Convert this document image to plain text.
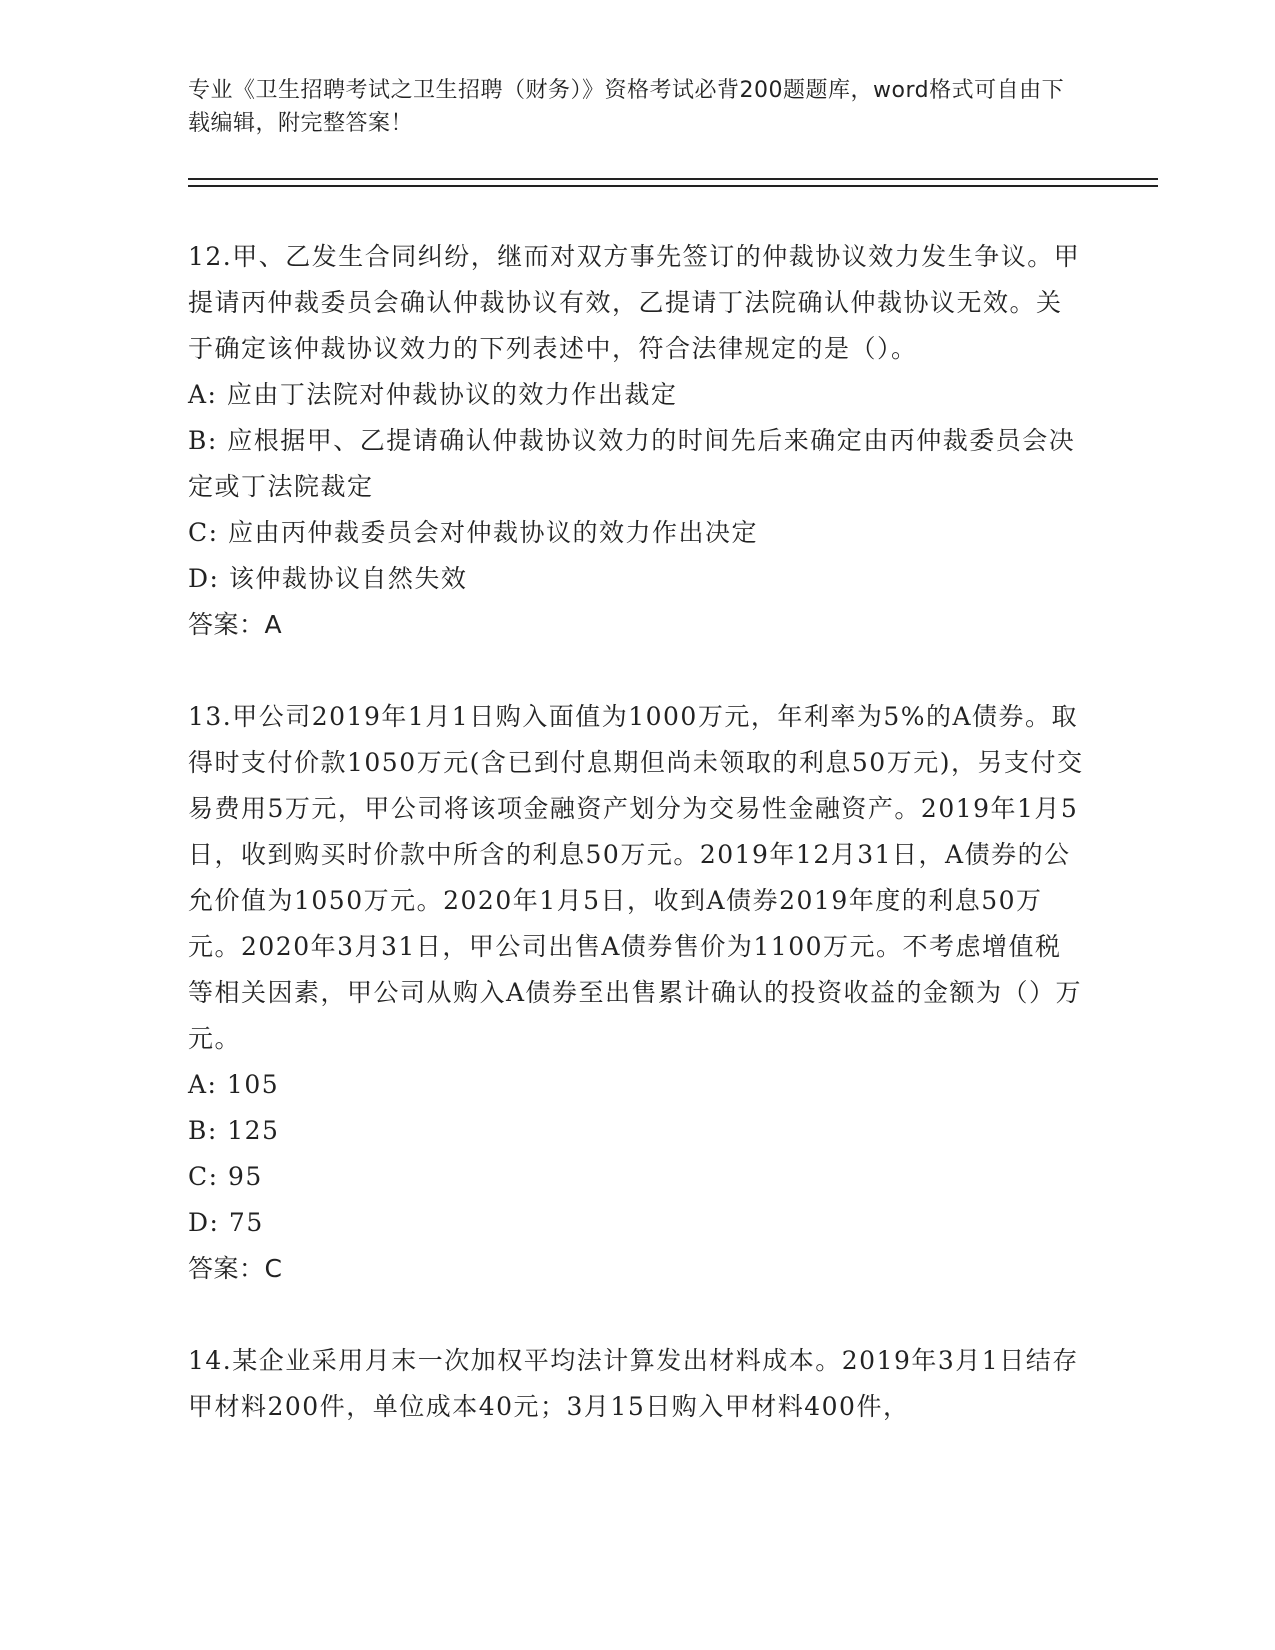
专业《卫生招聘考试之卫生招聘（财务）》资格考试必背200题题库，word格式可自由下载编辑，附完整答案！

12.甲、乙发生合同纠纷，继而对双方事先签订的仲裁协议效力发生争议。甲提请丙仲裁委员会确认仲裁协议有效，乙提请丁法院确认仲裁协议无效。关于确定该仲裁协议效力的下列表述中，符合法律规定的是（）。

A: 应由丁法院对仲裁协议的效力作出裁定

B: 应根据甲、乙提请确认仲裁协议效力的时间先后来确定由丙仲裁委员会决定或丁法院裁定

C: 应由丙仲裁委员会对仲裁协议的效力作出决定

D: 该仲裁协议自然失效

答案：A

13.甲公司2019年1月1日购入面值为1000万元，年利率为5%的A债券。取得时支付价款1050万元(含已到付息期但尚未领取的利息50万元)，另支付交易费用5万元，甲公司将该项金融资产划分为交易性金融资产。2019年1月5日，收到购买时价款中所含的利息50万元。2019年12月31日，A债券的公允价值为1050万元。2020年1月5日，收到A债券2019年度的利息50万元。2020年3月31日，甲公司出售A债券售价为1100万元。不考虑增值税等相关因素，甲公司从购入A债券至出售累计确认的投资收益的金额为（）万元。

A: 105

B: 125

C: 95

D: 75

答案：C

14.某企业采用月末一次加权平均法计算发出材料成本。2019年3月1日结存甲材料200件，单位成本40元；3月15日购入甲材料400件，
